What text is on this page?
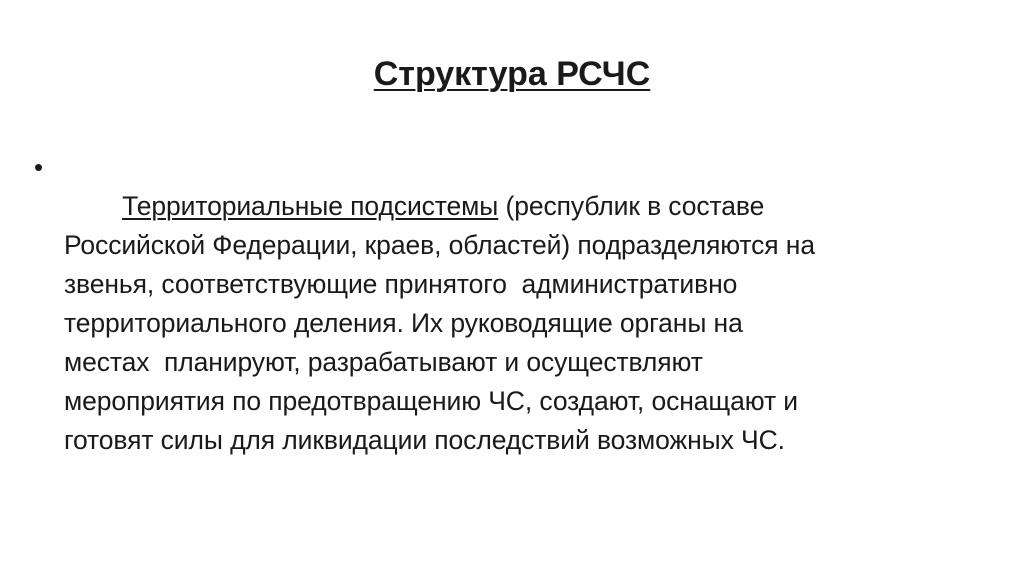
Структура РСЧС
•

Территориальные подсистемы (республик в составе
Российской Федерации, краев, областей) подразделяются на
звенья, соответствующие принятого  административно
территориального деления. Их руководящие органы на
местах  планируют, разрабатывают и осуществляют
мероприятия по предотвращению ЧС, создают, оснащают и
готовят силы для ликвидации последствий возможных ЧС.
